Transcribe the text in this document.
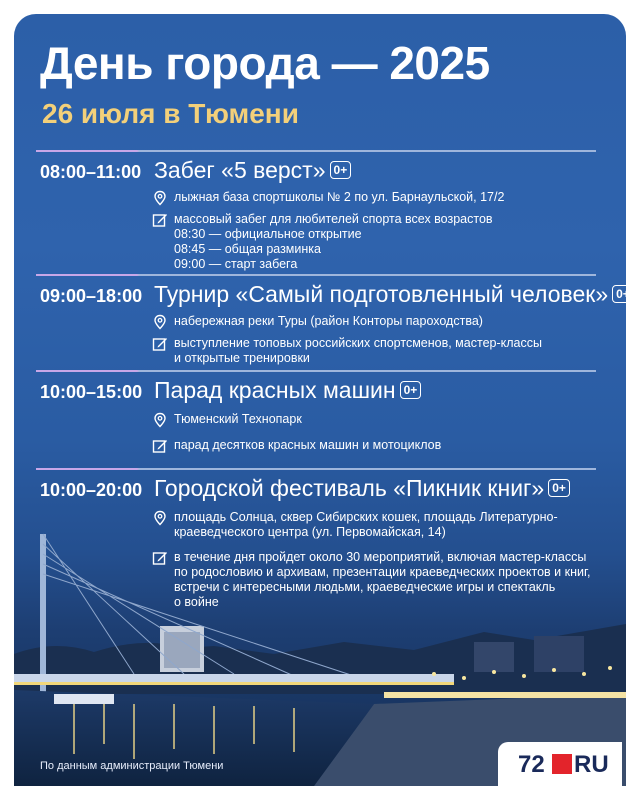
День города — 2025
26 июля в Тюмени
08:00–11:00 Забег «5 верст» 0+
лыжная база спортшколы № 2 по ул. Барнаульской, 17/2
массовый забег для любителей спорта всех возрастов
08:30 — официальное открытие
08:45 — общая разминка
09:00 — старт забега
09:00–18:00 Турнир «Самый подготовленный человек» 0+
набережная реки Туры (район Конторы пароходства)
выступление топовых российских спортсменов, мастер-классы
и открытые тренировки
10:00–15:00 Парад красных машин 0+
Тюменский Технопарк
парад десятков красных машин и мотоциклов
10:00–20:00 Городской фестиваль «Пикник книг» 0+
площадь Солнца, сквер Сибирских кошек, площадь Литературно-
краеведческого центра (ул. Первомайская, 14)
в течение дня пройдет около 30 мероприятий, включая мастер-классы
по родословию и архивам, презентации краеведческих проектов и книг,
встречи с интересными людьми, краеведческие игры и спектакль
о войне
По данным администрации Тюмени	72 RU
